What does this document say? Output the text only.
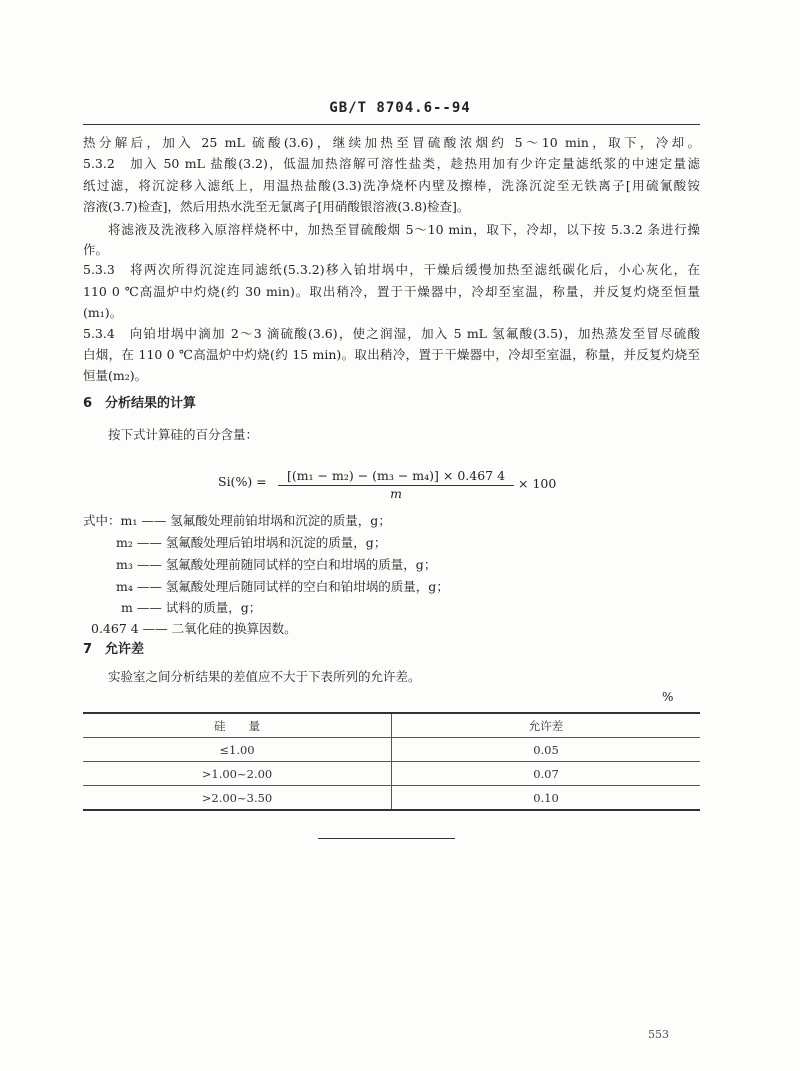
GB/T 8704.6--94
热分解后，加入 25 mL 硫酸(3.6)，继续加热至冒硫酸浓烟约 5～10 min，取下，冷却。
5.3.2　加入 50 mL 盐酸(3.2)，低温加热溶解可溶性盐类，趁热用加有少许定量滤纸浆的中速定量滤
纸过滤，将沉淀移入滤纸上，用温热盐酸(3.3)洗净烧杯内壁及擦棒，洗涤沉淀至无铁离子[用硫氰酸铵
溶液(3.7)检查]，然后用热水洗至无氯离子[用硝酸银溶液(3.8)检查]。
将滤液及洗液移入原溶样烧杯中，加热至冒硫酸烟 5～10 min，取下，冷却，以下按 5.3.2 条进行操
作。
5.3.3　将两次所得沉淀连同滤纸(5.3.2)移入铂坩埚中，干燥后缓慢加热至滤纸碳化后，小心灰化，在
110 0 ℃高温炉中灼烧(约 30 min)。取出稍冷，置于干燥器中，冷却至室温，称量，并反复灼烧至恒量
(m₁)。
5.3.4　向铂坩埚中滴加 2～3 滴硫酸(3.6)，使之润湿，加入 5 mL 氢氟酸(3.5)，加热蒸发至冒尽硫酸
白烟，在 110 0 ℃高温炉中灼烧(约 15 min)。取出稍冷，置于干燥器中，冷却至室温，称量，并反复灼烧至
恒量(m₂)。
6　分析结果的计算
按下式计算硅的百分含量：
$Si(\%) = \frac{\text{[(m₁ − m₂) − (m₃ − m₄)] × 0.467 4}}{m} \times 100$
式中：m₁ —— 氢氟酸处理前铂坩埚和沉淀的质量，g；
m₂ —— 氢氟酸处理后铂坩埚和沉淀的质量，g；
m₃ —— 氢氟酸处理前随同试样的空白和坩埚的质量，g；
m₄ —— 氢氟酸处理后随同试样的空白和铂坩埚的质量，g；
m —— 试料的质量，g；
0.467 4 —— 二氧化硅的换算因数。
7　允许差
实验室之间分析结果的差值应不大于下表所列的允许差。
%
硅　　量	允许差
≤1.00	0.05
>1.00~2.00	0.07
>2.00~3.50	0.10
553
